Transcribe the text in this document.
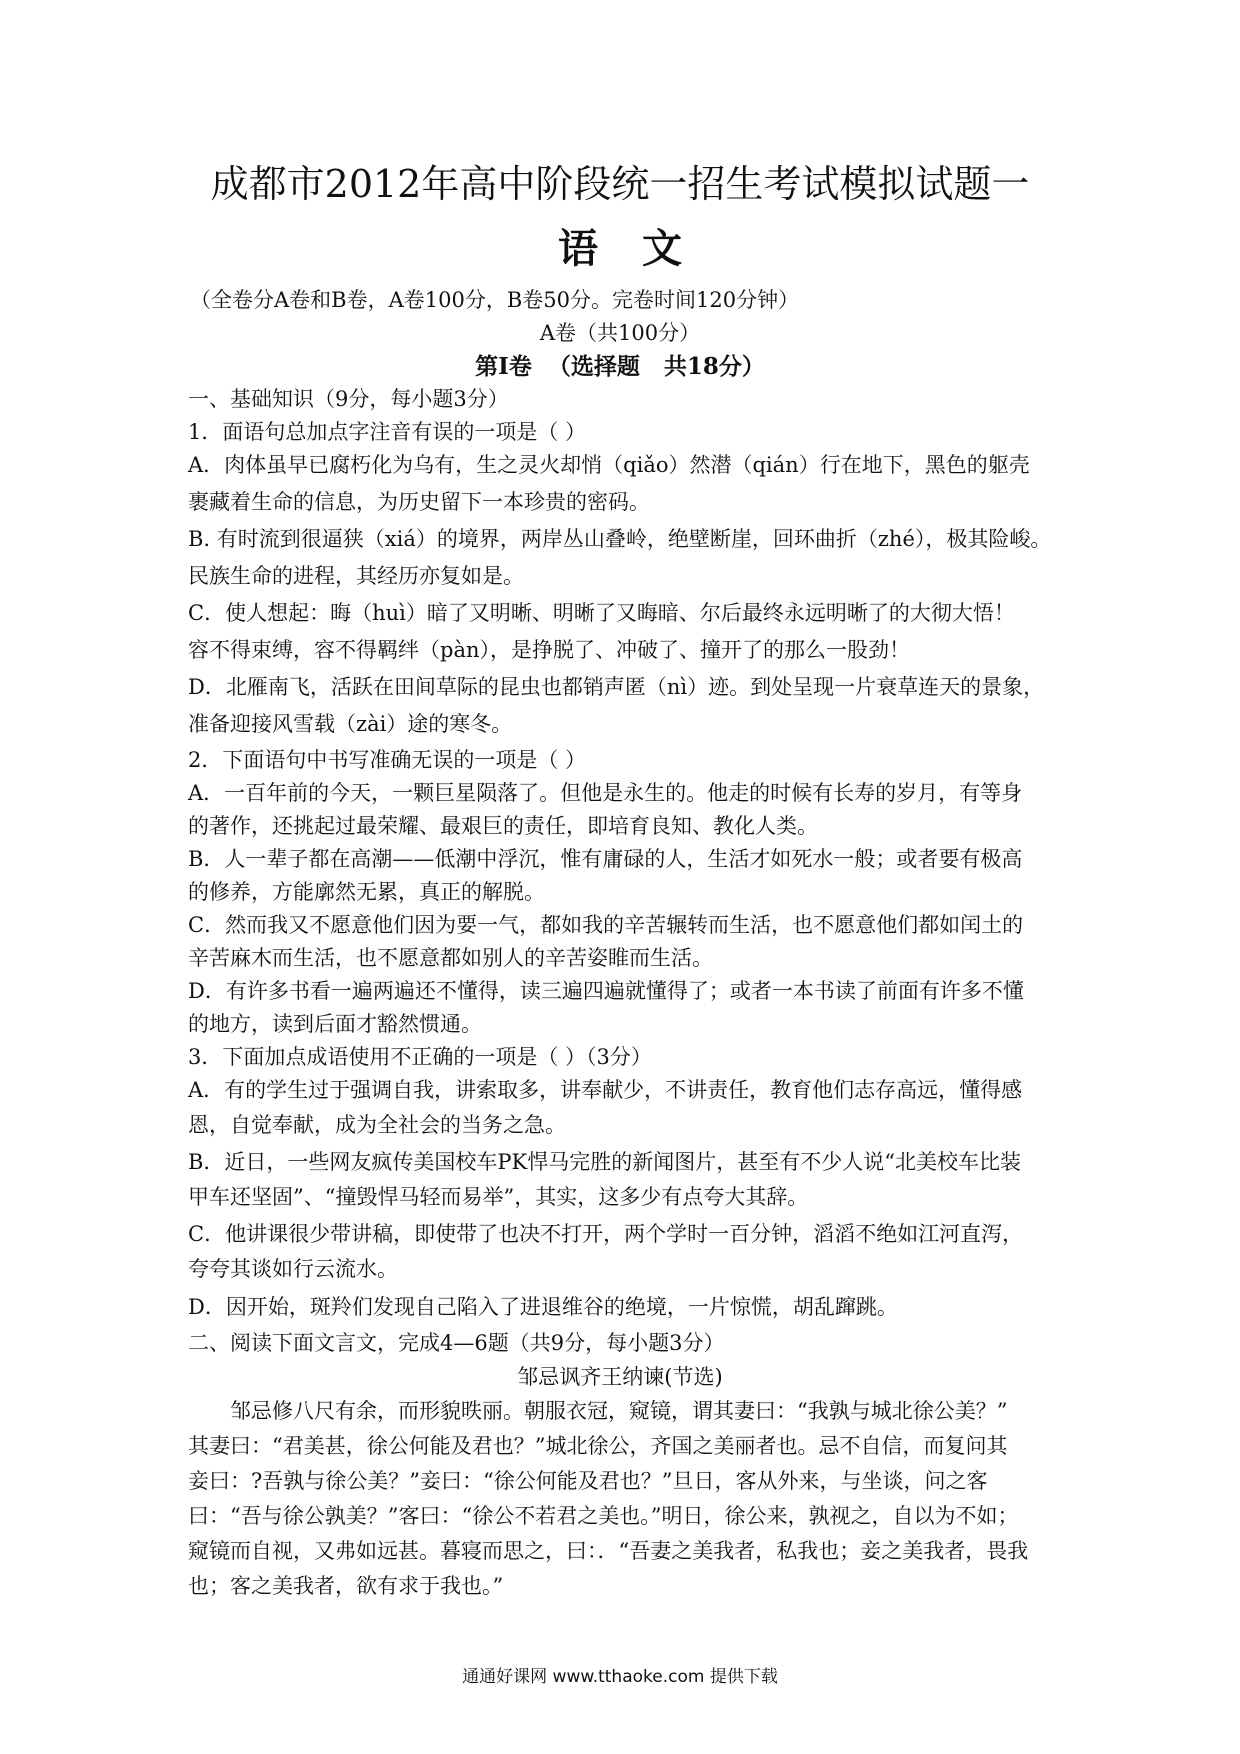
成都市2012年高中阶段统一招生考试模拟试题一
语文
（全卷分A卷和B卷，A卷100分，B卷50分。完卷时间120分钟）
A卷（共100分）
第Ⅰ卷  （选择题   共18分）
一、基础知识（9分，每小题3分）
1．面语句总加点字注音有误的一项是（ ）
A．肉体虽早已腐朽化为乌有，生之灵火却悄（qiǎo）然潜（qián）行在地下，黑色的躯壳
裹藏着生命的信息，为历史留下一本珍贵的密码。
B. 有时流到很逼狭（xiá）的境界，两岸丛山叠岭，绝壁断崖，回环曲折（zhé），极其险峻。
民族生命的进程，其经历亦复如是。
C．使人想起：晦（huì）暗了又明晰、明晰了又晦暗、尔后最终永远明晰了的大彻大悟！
容不得束缚，容不得羁绊（pàn），是挣脱了、冲破了、撞开了的那么一股劲！
D．北雁南飞，活跃在田间草际的昆虫也都销声匿（nì）迹。到处呈现一片衰草连天的景象，
准备迎接风雪载（zài）途的寒冬。
2．下面语句中书写准确无误的一项是（ ）
A．一百年前的今天，一颗巨星陨落了。但他是永生的。他走的时候有长寿的岁月，有等身
的著作，还挑起过最荣耀、最艰巨的责任，即培育良知、教化人类。
B．人一辈子都在高潮——低潮中浮沉，惟有庸碌的人，生活才如死水一般；或者要有极高
的修养，方能廓然无累，真正的解脱。
C．然而我又不愿意他们因为要一气，都如我的辛苦辗转而生活，也不愿意他们都如闰土的
辛苦麻木而生活，也不愿意都如别人的辛苦姿睢而生活。
D．有许多书看一遍两遍还不懂得，读三遍四遍就懂得了；或者一本书读了前面有许多不懂
的地方，读到后面才豁然惯通。
3．下面加点成语使用不正确的一项是（ ）（3分）
A．有的学生过于强调自我，讲索取多，讲奉献少，不讲责任，教育他们志存高远，懂得感
恩，自觉奉献，成为全社会的当务之急。
B．近日，一些网友疯传美国校车PK悍马完胜的新闻图片，甚至有不少人说“北美校车比装
甲车还坚固”、“撞毁悍马轻而易举”，其实，这多少有点夸大其辞。
C．他讲课很少带讲稿，即使带了也决不打开，两个学时一百分钟，滔滔不绝如江河直泻，
夸夸其谈如行云流水。
D．因开始，斑羚们发现自己陷入了进退维谷的绝境，一片惊慌，胡乱蹿跳。
二、阅读下面文言文，完成4—6题（共9分，每小题3分）
邹忌讽齐王纳谏(节选)
邹忌修八尺有余，而形貌昳丽。朝服衣冠，窥镜，谓其妻曰：“我孰与城北徐公美？”
其妻曰：“君美甚，徐公何能及君也？”城北徐公，齐国之美丽者也。忌不自信，而复问其
妾曰：?吾孰与徐公美？”妾曰：“徐公何能及君也？”旦日，客从外来，与坐谈，问之客
曰：“吾与徐公孰美？”客曰：“徐公不若君之美也。”明日，徐公来，孰视之，自以为不如；
窥镜而自视，又弗如远甚。暮寝而思之，曰：．“吾妻之美我者，私我也；妾之美我者，畏我
也；客之美我者，欲有求于我也。”
通通好课网 www.tthaoke.com 提供下载
